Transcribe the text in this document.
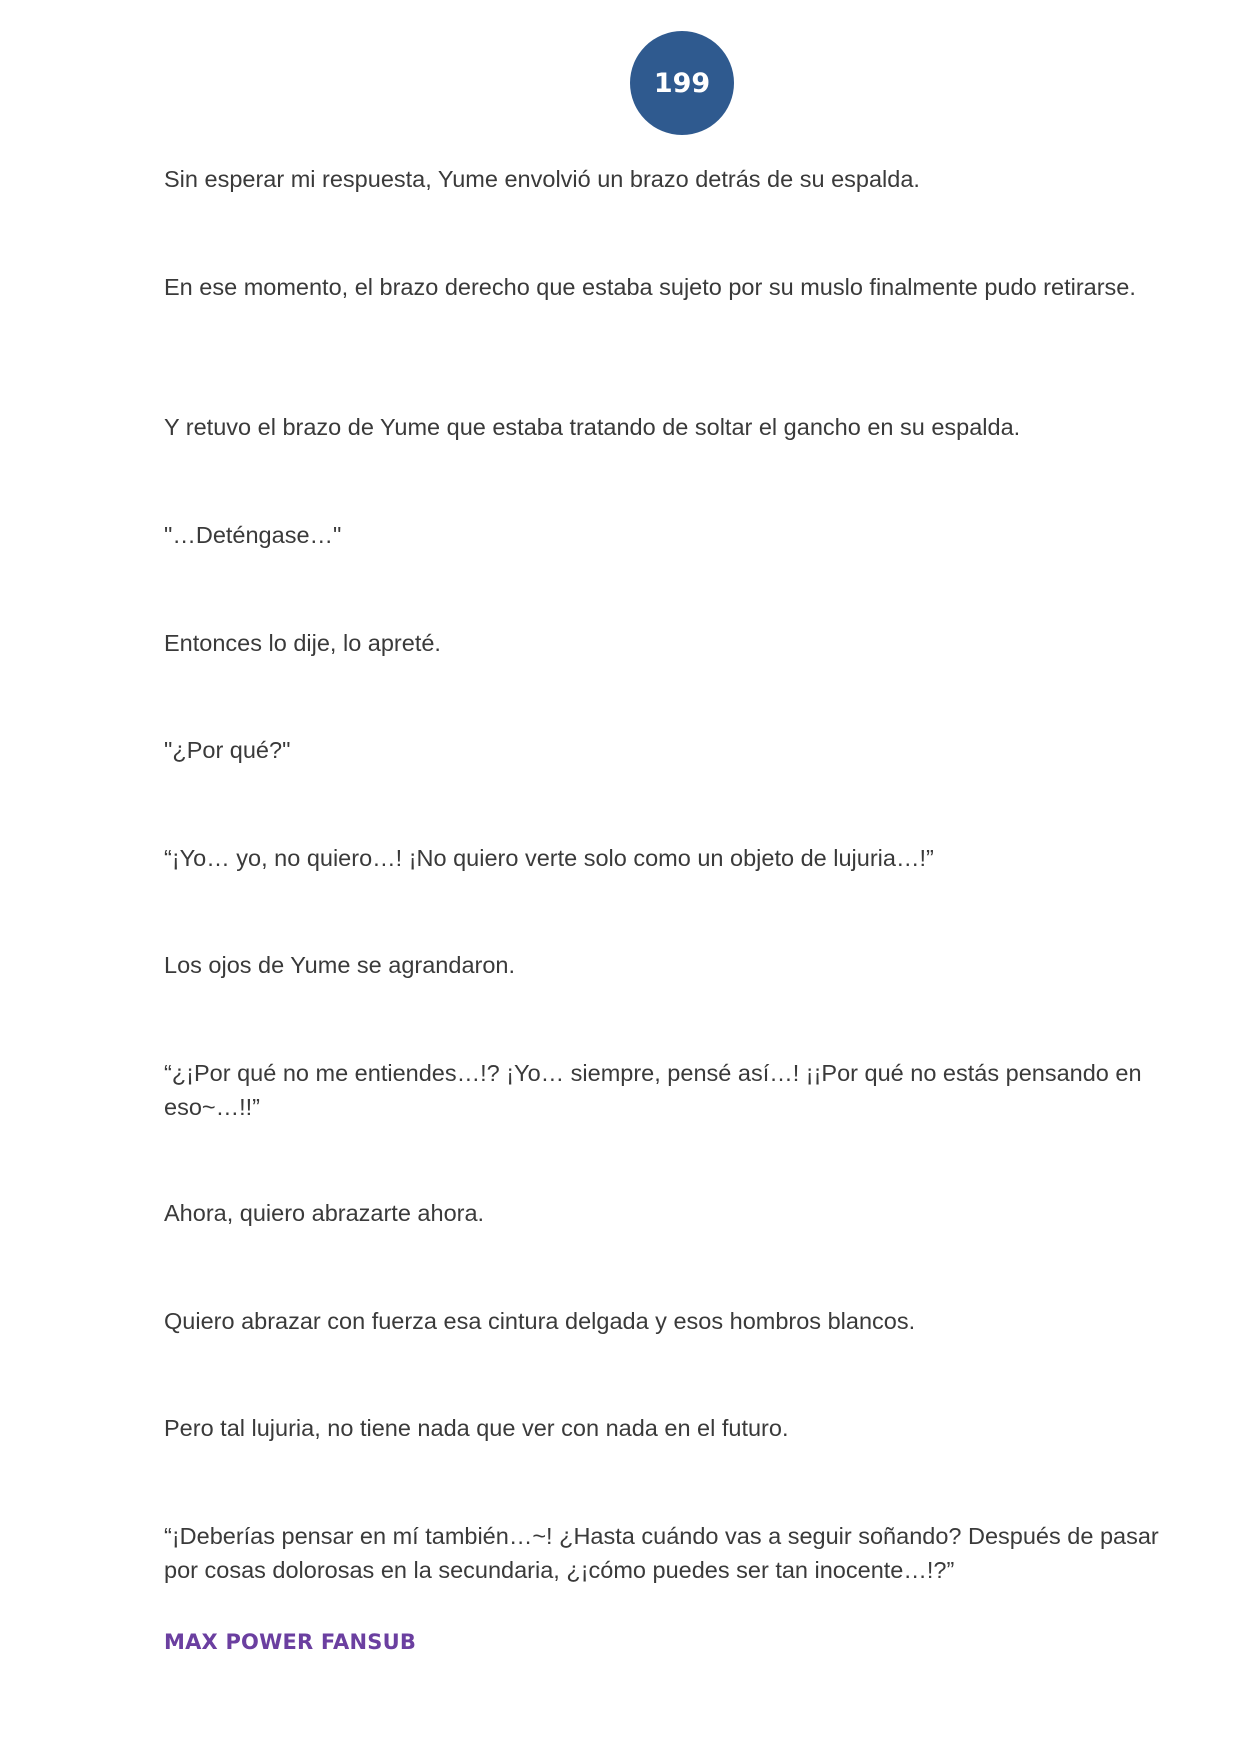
199

Sin esperar mi respuesta, Yume envolvió un brazo detrás de su espalda.

En ese momento, el brazo derecho que estaba sujeto por su muslo finalmente pudo retirarse.

Y retuvo el brazo de Yume que estaba tratando de soltar el gancho en su espalda.

"…Deténgase…"

Entonces lo dije, lo apreté.

"¿Por qué?"

“¡Yo… yo, no quiero…! ¡No quiero verte solo como un objeto de lujuria…!”

Los ojos de Yume se agrandaron.

“¿¡Por qué no me entiendes…!? ¡Yo… siempre, pensé así…! ¡¡Por qué no estás pensando en eso~…!!”

Ahora, quiero abrazarte ahora.

Quiero abrazar con fuerza esa cintura delgada y esos hombros blancos.

Pero tal lujuria, no tiene nada que ver con nada en el futuro.

“¡Deberías pensar en mí también…~! ¿Hasta cuándo vas a seguir soñando? Después de pasar por cosas dolorosas en la secundaria, ¿¡cómo puedes ser tan inocente…!?”

MAX POWER FANSUB
